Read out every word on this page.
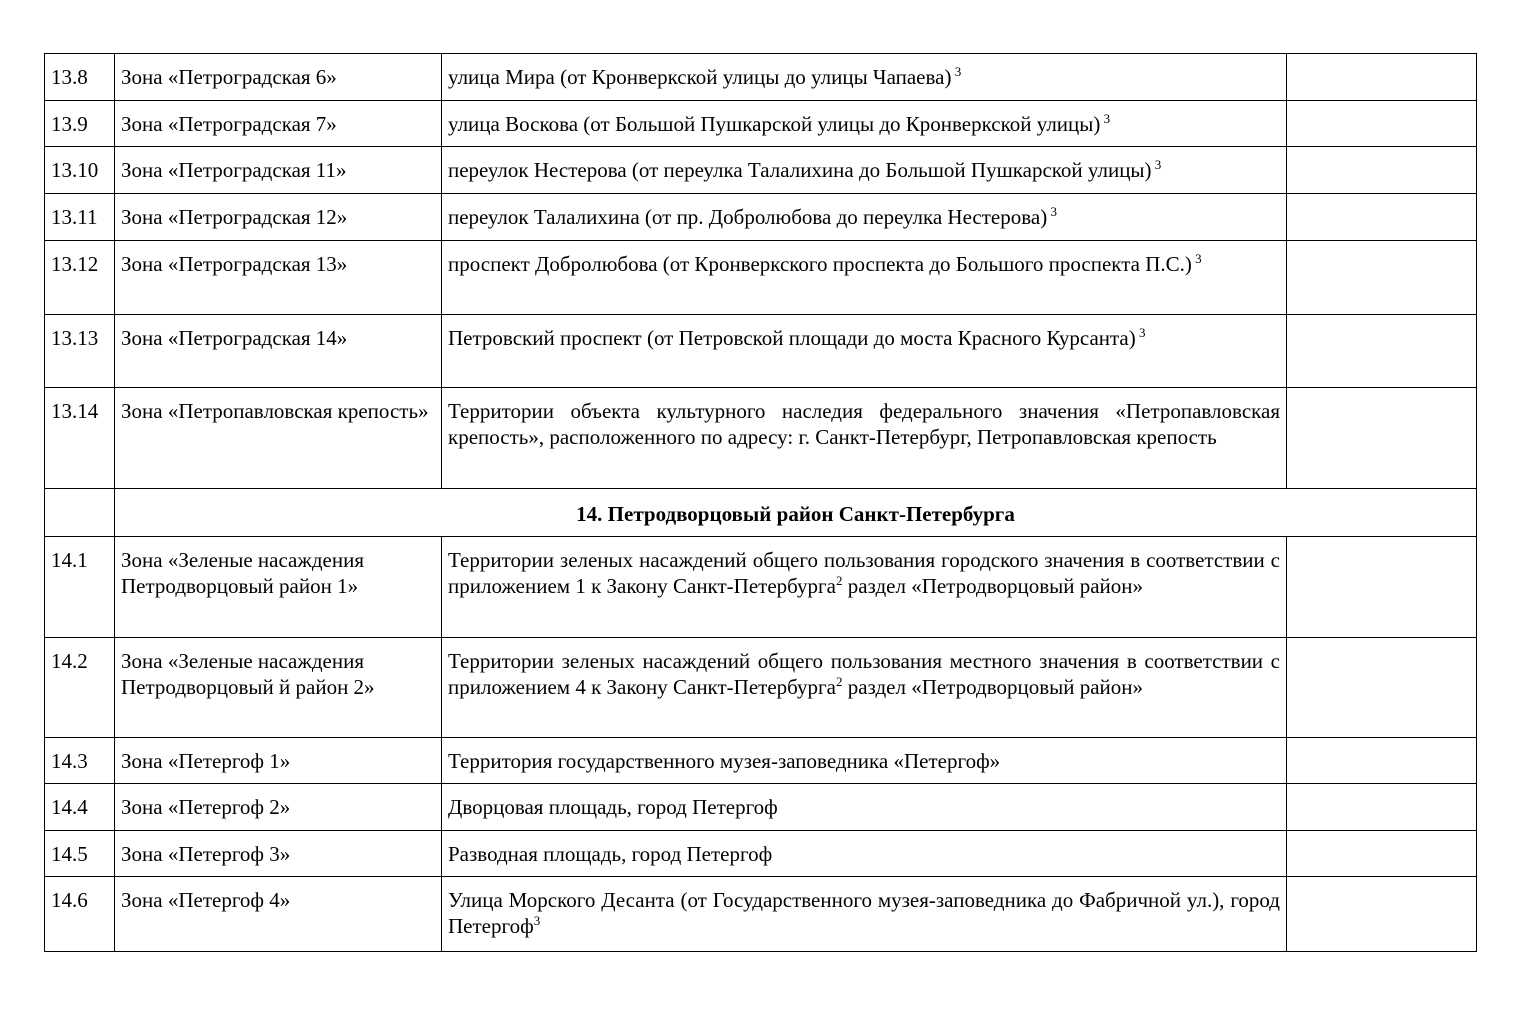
13.8	Зона «Петроградская 6»	улица Мира (от Кронверкской улицы до улицы Чапаева) $^3$	
13.9	Зона «Петроградская 7»	улица Воскова (от Большой Пушкарской улицы до Кронверкской улицы) $^3$	
13.10	Зона «Петроградская 11»	переулок Нестерова (от переулка Талалихина до Большой Пушкарской улицы) $^3$	
13.11	Зона «Петроградская 12»	переулок Талалихина (от пр. Добролюбова до переулка Нестерова) $^3$	
13.12	Зона «Петроградская 13»	проспект Добролюбова (от Кронверкского проспекта до Большого проспекта П.С.) $^3$	
13.13	Зона «Петроградская 14»	Петровский проспект (от Петровской площади до моста Красного Курсанта) $^3$	
13.14	Зона «Петропавловская крепость»	Территории объекта культурного наследия федерального значения «Петропавловская крепость», расположенного по адресу: г. Санкт-Петербург, Петропавловская крепость	
	14. Петродворцовый район Санкт-Петербурга		
14.1	Зона «Зеленые насаждения Петродворцовый район 1»	Территории зеленых насаждений общего пользования городского значения в соответствии с приложением 1 к Закону Санкт-Петербурга$^2$ раздел «Петродворцовый район»	
14.2	Зона «Зеленые насаждения Петродворцовый й район 2»	Территории зеленых насаждений общего пользования местного значения в соответствии с приложением 4 к Закону Санкт-Петербурга$^2$ раздел «Петродворцовый район»	
14.3	Зона «Петергоф 1»	Территория государственного музея-заповедника «Петергоф»	
14.4	Зона «Петергоф 2»	Дворцовая площадь, город Петергоф	
14.5	Зона «Петергоф 3»	Разводная площадь, город Петергоф	
14.6	Зона «Петергоф 4»	Улица Морского Десанта (от Государственного музея-заповедника до Фабричной ул.), город Петергоф$^3$	
